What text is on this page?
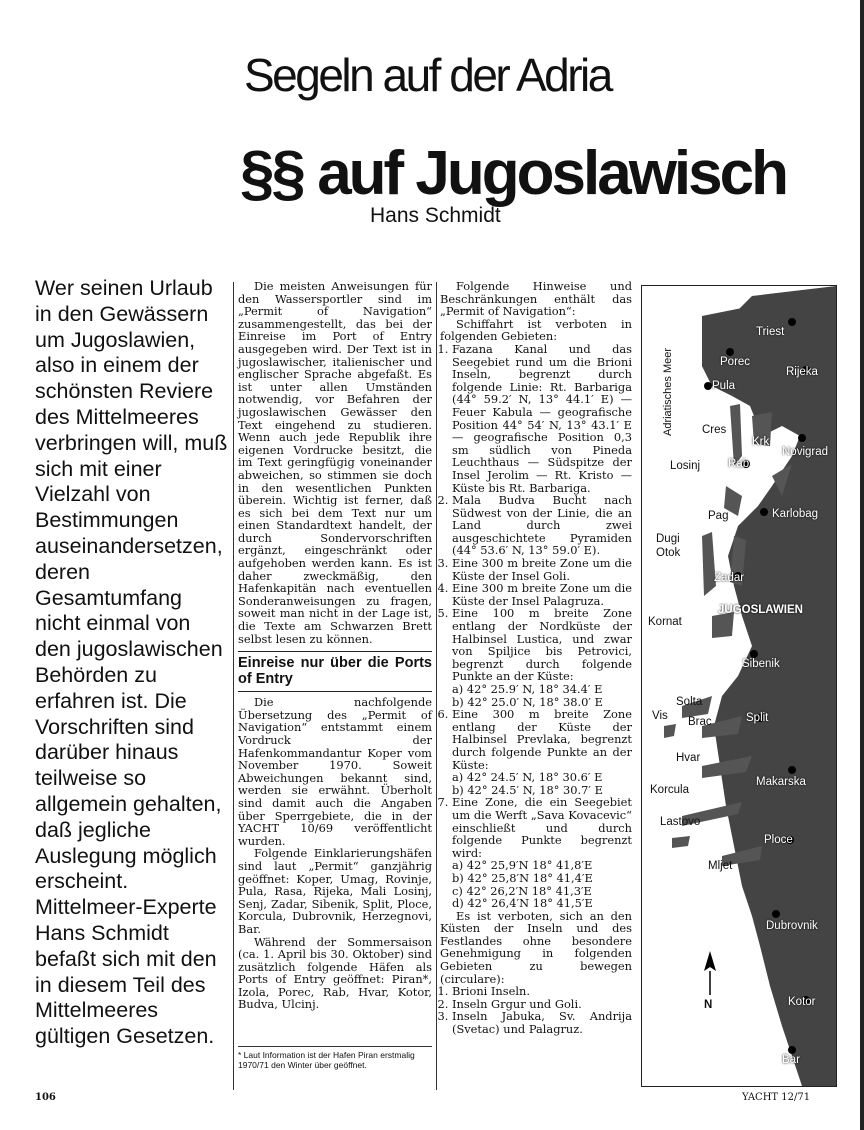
Segeln auf der Adria
§§ auf Jugoslawisch
Hans Schmidt

Wer seinen Urlaub in den Gewässern um Jugoslawien, also in einem der schönsten Reviere des Mittelmeeres verbringen will, muß sich mit einer Vielzahl von Bestimmungen auseinandersetzen, deren Gesamtumfang nicht einmal von den jugoslawischen Behörden zu erfahren ist. Die Vorschriften sind darüber hinaus teilweise so allgemein gehalten, daß jegliche Auslegung möglich erscheint. Mittelmeer-Experte Hans Schmidt befaßt sich mit den in diesem Teil des Mittelmeeres gültigen Gesetzen.

Die meisten Anweisungen für den Wassersportler sind im „Permit of Navigation“ zusammengestellt, das bei der Einreise im Port of Entry ausgegeben wird. Der Text ist in jugoslawischer, italienischer und englischer Sprache abgefaßt. Es ist unter allen Umständen notwendig, vor Befahren der jugoslawischen Gewässer den Text eingehend zu studieren. Wenn auch jede Republik ihre eigenen Vordrucke besitzt, die im Text geringfügig voneinander abweichen, so stimmen sie doch in den wesentlichen Punkten überein. Wichtig ist ferner, daß es sich bei dem Text nur um einen Standardtext handelt, der durch Sondervorschriften ergänzt, eingeschränkt oder aufgehoben werden kann. Es ist daher zweckmäßig, den Hafenkapitän nach eventuellen Sonderanweisungen zu fragen, soweit man nicht in der Lage ist, die Texte am Schwarzen Brett selbst lesen zu können.

Einreise nur über die Ports of Entry

Die nachfolgende Übersetzung des „Permit of Navigation“ entstammt einem Vordruck der Hafenkommandantur Koper vom November 1970. Soweit Abweichungen bekannt sind, werden sie erwähnt. Überholt sind damit auch die Angaben über Sperrgebiete, die in der YACHT 10/69 veröffentlicht wurden.

Folgende Einklarierungshäfen sind laut „Permit“ ganzjährig geöffnet: Koper, Umag, Rovinje, Pula, Rasa, Rijeka, Mali Losinj, Senj, Zadar, Sibenik, Split, Ploce, Korcula, Dubrovnik, Herzegnovi, Bar.

Während der Sommersaison (ca. 1. April bis 30. Oktober) sind zusätzlich folgende Häfen als Ports of Entry geöffnet: Piran*, Izola, Porec, Rab, Hvar, Kotor, Budva, Ulcinj.

* Laut Information ist der Hafen Piran erstmalig 1970/71 den Winter über geöffnet.

Folgende Hinweise und Beschränkungen enthält das „Permit of Navigation“:

Schiffahrt ist verboten in folgenden Gebieten:

1. Fazana Kanal und das Seegebiet rund um die Brioni Inseln, begrenzt durch folgende Linie: Rt. Barbariga (44° 59.2′ N, 13° 44.1′ E) — Feuer Kabula — geografische Position 44° 54′ N, 13° 43.1′ E — geografische Position 0,3 sm südlich von Pineda Leuchthaus — Südspitze der Insel Jerolim — Rt. Kristo — Küste bis Rt. Barbariga.
2. Mala Budva Bucht nach Südwest von der Linie, die an Land durch zwei ausgeschichtete Pyramiden (44° 53.6′ N, 13° 59.0′ E).
3. Eine 300 m breite Zone um die Küste der Insel Goli.
4. Eine 300 m breite Zone um die Küste der Insel Palagruza.
5. Eine 100 m breite Zone entlang der Nordküste der Halbinsel Lustica, und zwar von Spiljice bis Petrovici, begrenzt durch folgende Punkte an der Küste:
a) 42° 25.9′ N, 18° 34.4′ E
b) 42° 25.0′ N, 18° 38.0′ E
6. Eine 300 m breite Zone entlang der Küste der Halbinsel Prevlaka, begrenzt durch folgende Punkte an der Küste:
a) 42° 24.5′ N, 18° 30.6′ E
b) 42° 24.5′ N, 18° 30.7′ E
7. Eine Zone, die ein Seegebiet um die Werft „Sava Kovacevic“ einschließt und durch folgende Punkte begrenzt wird:
a) 42° 25,9′N 18° 41,8′E
b) 42° 25,8′N 18° 41,4′E
c) 42° 26,2′N 18° 41,3′E
d) 42° 26,4′N 18° 41,5′E

Es ist verboten, sich an den Küsten der Inseln und des Festlandes ohne besondere Genehmigung in folgenden Gebieten zu bewegen (circulare):

1. Brioni Inseln.
2. Inseln Grgur und Goli.
3. Inseln Jabuka, Sv. Andrija (Svetac) und Palagruz.
Adriatisches Meer
JUGOSLAWIEN
N
Triest
Porec
Rijeka
Pula
Cres
Krk
Novigrad
Losinj Rab
Karlobag
Pag
Dugi Otok
Zadar
Kornat
Sibenik
Solta
Vis Brac	Split
Hvar
Korcula
Makarska
Lastovo
Ploce
Mljet
Dubrovnik
Kotor
Bar
106	YACHT 12/71
